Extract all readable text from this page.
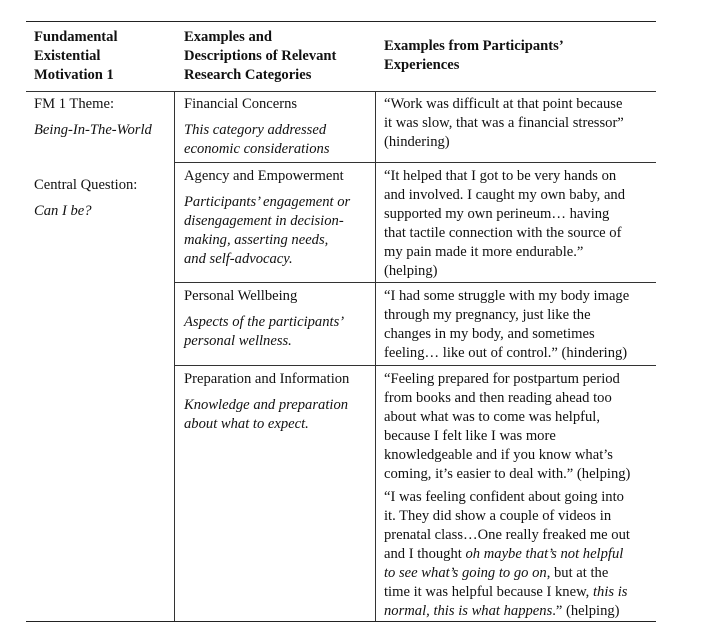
Fundamental

Existential

Motivation 1

Examples and

Descriptions of Relevant

Research Categories

Examples from Participants’

Experiences

FM 1 Theme:

Being-In-The-World

Central Question:

Can I be?

Financial Concerns

This category addressed

economic considerations

“Work was difficult at that point because

it was slow, that was a financial stressor”

(hindering)

Agency and Empowerment

Participants’ engagement or

disengagement in decision-

making, asserting needs,

and self-advocacy.

“It helped that I got to be very hands on

and involved. I caught my own baby, and

supported my own perineum… having

that tactile connection with the source of

my pain made it more endurable.”

(helping)

Personal Wellbeing

Aspects of the participants’

personal wellness.

“I had some struggle with my body image

through my pregnancy, just like the

changes in my body, and sometimes

feeling… like out of control.” (hindering)

Preparation and Information

Knowledge and preparation

about what to expect.

“Feeling prepared for postpartum period

from books and then reading ahead too

about what was to come was helpful,

because I felt like I was more

knowledgeable and if you know what’s

coming, it’s easier to deal with.” (helping)

“I was feeling confident about going into

it. They did show a couple of videos in

prenatal class…One really freaked me out

and I thought oh maybe that’s not helpful

to see what’s going to go on, but at the

time it was helpful because I knew, this is

normal, this is what happens.” (helping)
